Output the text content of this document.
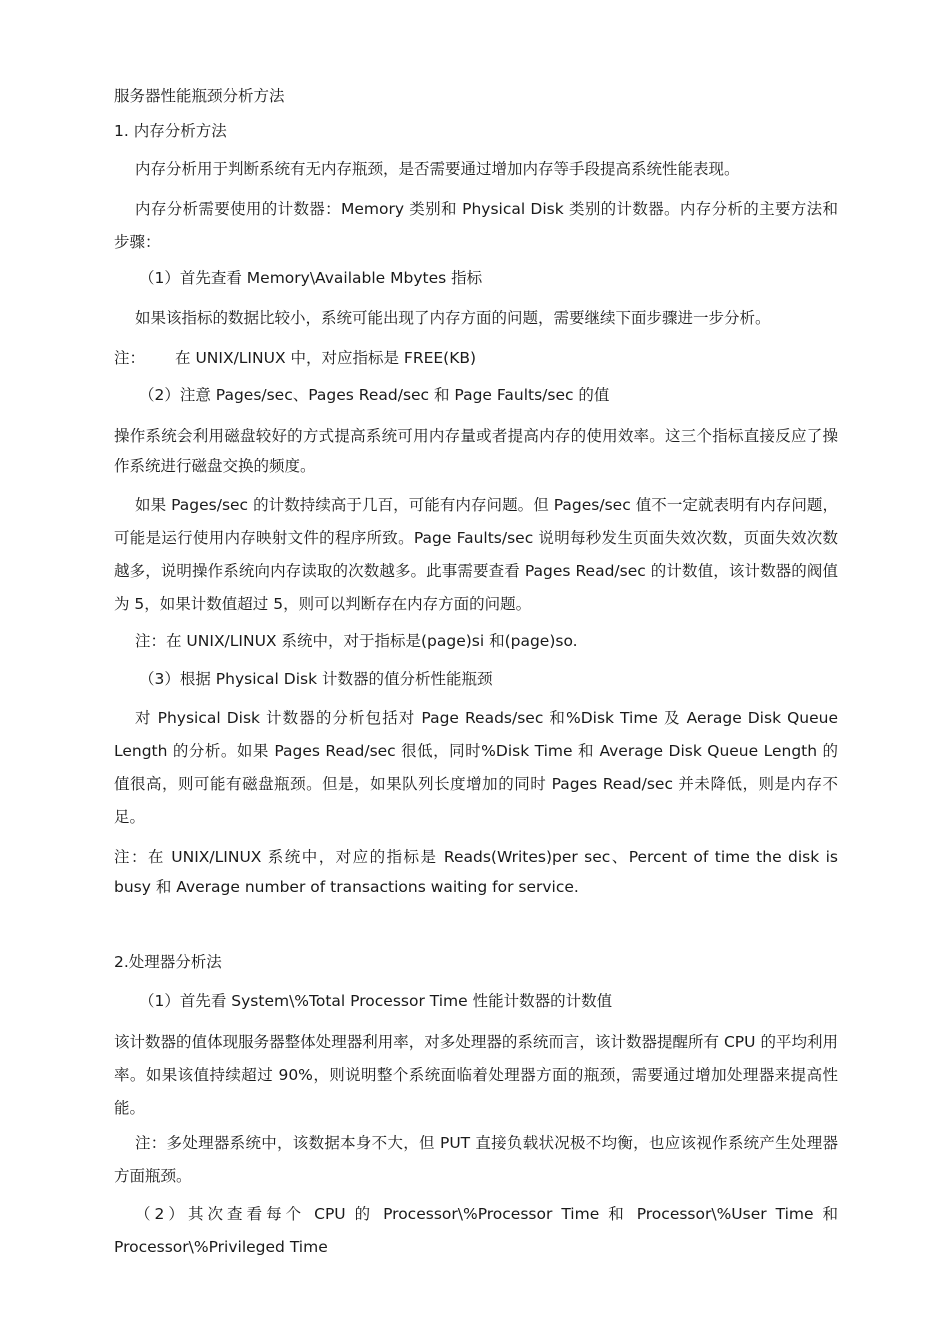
服务器性能瓶颈分析方法
1. 内存分析方法
内存分析用于判断系统有无内存瓶颈，是否需要通过增加内存等手段提高系统性能表现。
内存分析需要使用的计数器：Memory 类别和 Physical Disk 类别的计数器。内存分析的主要方法和步骤：
（1）首先查看 Memory\Available Mbytes 指标
如果该指标的数据比较小，系统可能出现了内存方面的问题，需要继续下面步骤进一步分析。
注： 在 UNIX/LINUX 中，对应指标是 FREE(KB)
（2）注意 Pages/sec、Pages Read/sec 和 Page Faults/sec 的值
操作系统会利用磁盘较好的方式提高系统可用内存量或者提高内存的使用效率。这三个指标直接反应了操作系统进行磁盘交换的频度。
如果 Pages/sec 的计数持续高于几百，可能有内存问题。但 Pages/sec 值不一定就表明有内存问题，可能是运行使用内存映射文件的程序所致。Page Faults/sec 说明每秒发生页面失效次数，页面失效次数越多，说明操作系统向内存读取的次数越多。此事需要查看 Pages Read/sec 的计数值，该计数器的阀值为 5，如果计数值超过 5，则可以判断存在内存方面的问题。
注：在 UNIX/LINUX 系统中，对于指标是(page)si 和(page)so.
（3）根据 Physical Disk 计数器的值分析性能瓶颈
对 Physical Disk 计数器的分析包括对 Page Reads/sec 和%Disk Time 及 Aerage Disk Queue Length 的分析。如果 Pages Read/sec 很低，同时%Disk Time 和 Average Disk Queue Length 的值很高，则可能有磁盘瓶颈。但是，如果队列长度增加的同时 Pages Read/sec 并未降低，则是内存不足。
注：在 UNIX/LINUX 系统中，对应的指标是 Reads(Writes)per sec、Percent of time the disk is busy 和 Average number of transactions waiting for service.
2.处理器分析法
（1）首先看 System\%Total Processor Time 性能计数器的计数值
该计数器的值体现服务器整体处理器利用率，对多处理器的系统而言，该计数器提醒所有 CPU 的平均利用率。如果该值持续超过 90%，则说明整个系统面临着处理器方面的瓶颈，需要通过增加处理器来提高性能。
注：多处理器系统中，该数据本身不大，但 PUT 直接负载状况极不均衡，也应该视作系统产生处理器方面瓶颈。
（2）其次查看每个 CPU 的 Processor\%Processor Time 和 Processor\%User Time 和 Processor\%Privileged Time
